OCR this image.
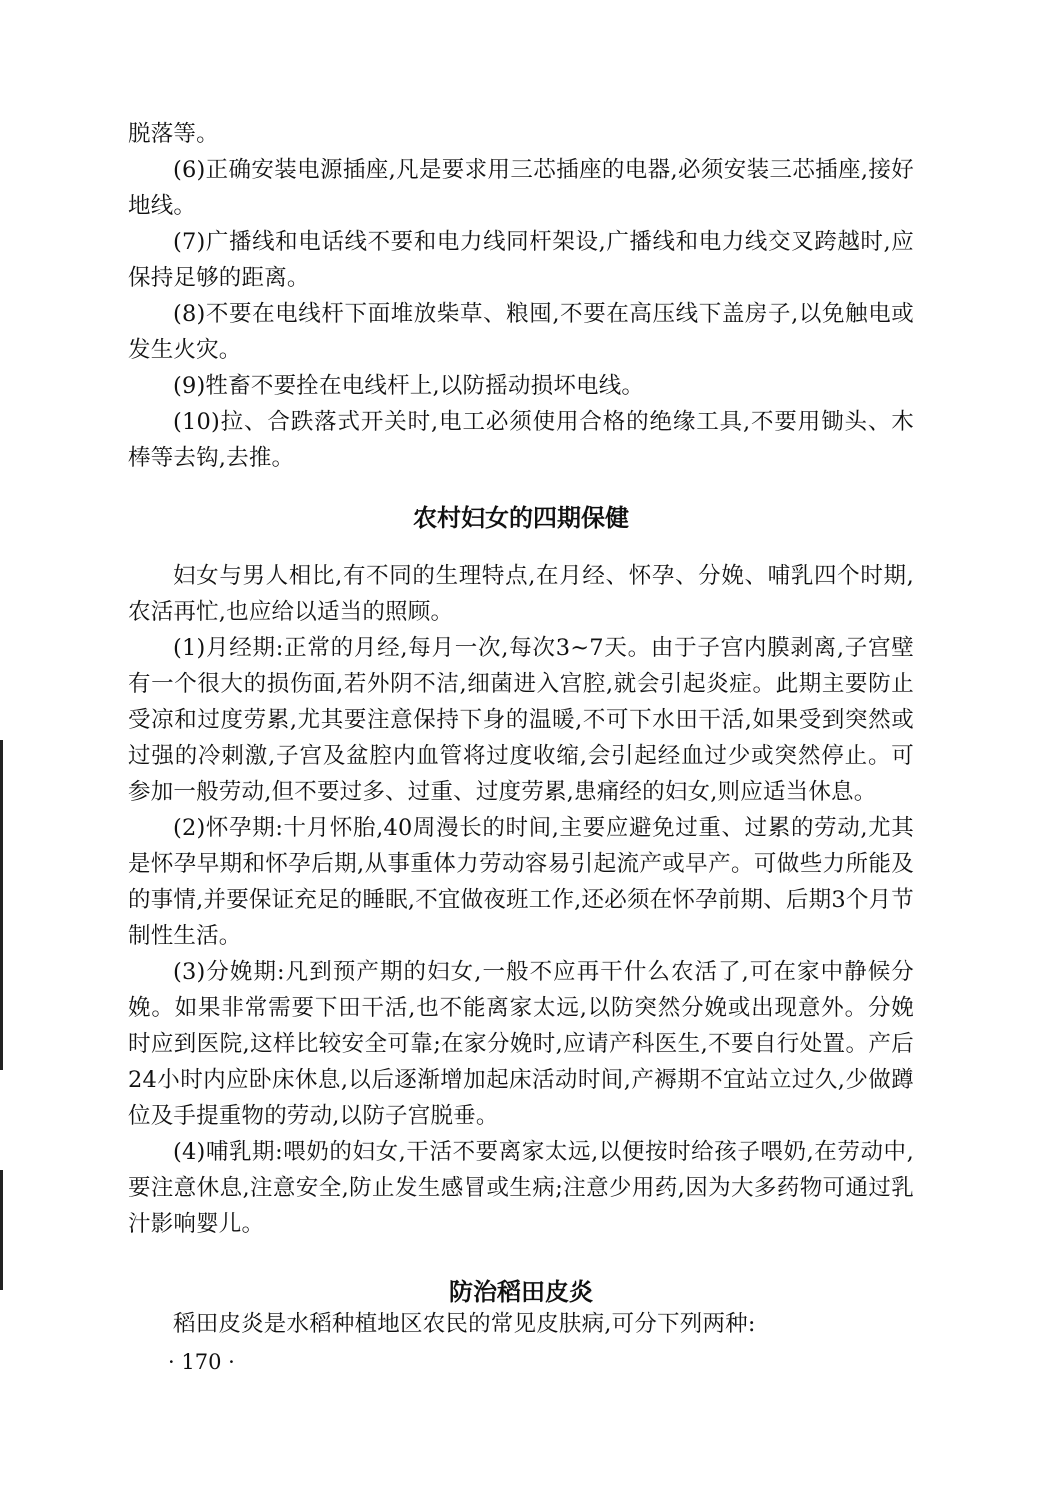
脱落等。

(6)正确安装电源插座,凡是要求用三芯插座的电器,必须安装三芯插座,接好地线。

(7)广播线和电话线不要和电力线同杆架设,广播线和电力线交叉跨越时,应保持足够的距离。

(8)不要在电线杆下面堆放柴草、粮囤,不要在高压线下盖房子,以免触电或发生火灾。

(9)牲畜不要拴在电线杆上,以防摇动损坏电线。

(10)拉、合跌落式开关时,电工必须使用合格的绝缘工具,不要用锄头、木棒等去钩,去推。

农村妇女的四期保健

妇女与男人相比,有不同的生理特点,在月经、怀孕、分娩、哺乳四个时期,农活再忙,也应给以适当的照顾。

(1)月经期:正常的月经,每月一次,每次3~7天。由于子宫内膜剥离,子宫壁有一个很大的损伤面,若外阴不洁,细菌进入宫腔,就会引起炎症。此期主要防止受凉和过度劳累,尤其要注意保持下身的温暖,不可下水田干活,如果受到突然或过强的冷刺激,子宫及盆腔内血管将过度收缩,会引起经血过少或突然停止。可参加一般劳动,但不要过多、过重、过度劳累,患痛经的妇女,则应适当休息。

(2)怀孕期:十月怀胎,40周漫长的时间,主要应避免过重、过累的劳动,尤其是怀孕早期和怀孕后期,从事重体力劳动容易引起流产或早产。可做些力所能及的事情,并要保证充足的睡眠,不宜做夜班工作,还必须在怀孕前期、后期3个月节制性生活。

(3)分娩期:凡到预产期的妇女,一般不应再干什么农活了,可在家中静候分娩。如果非常需要下田干活,也不能离家太远,以防突然分娩或出现意外。分娩时应到医院,这样比较安全可靠;在家分娩时,应请产科医生,不要自行处置。产后24小时内应卧床休息,以后逐渐增加起床活动时间,产褥期不宜站立过久,少做蹲位及手提重物的劳动,以防子宫脱垂。

(4)哺乳期:喂奶的妇女,干活不要离家太远,以便按时给孩子喂奶,在劳动中,要注意休息,注意安全,防止发生感冒或生病;注意少用药,因为大多药物可通过乳汁影响婴儿。

防治稻田皮炎

稻田皮炎是水稻种植地区农民的常见皮肤病,可分下列两种:

· 170 ·
